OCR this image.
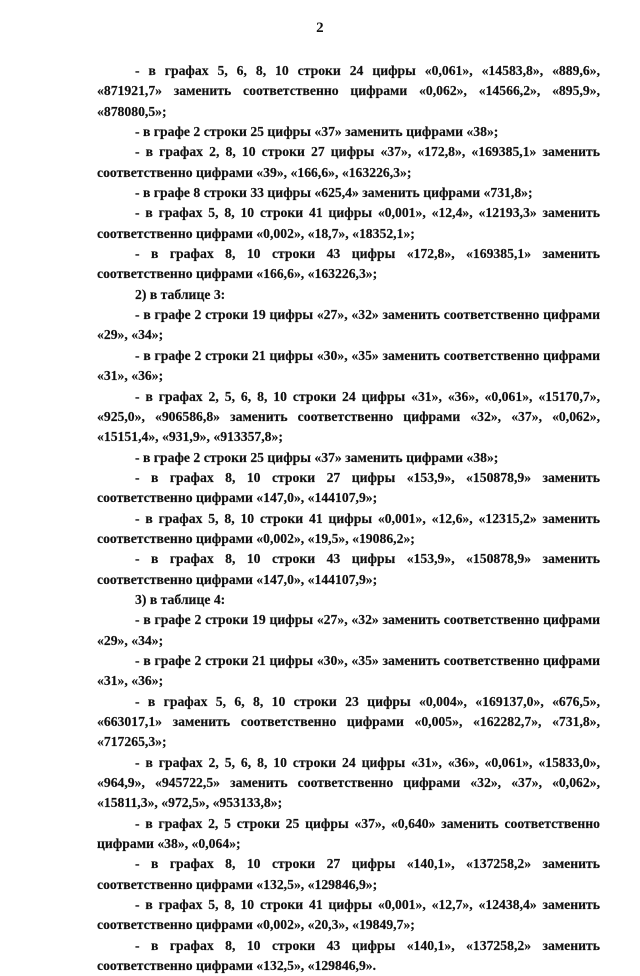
2

- в графах 5, 6, 8, 10 строки 24 цифры «0,061», «14583,8», «889,6», «871921,7» заменить соответственно цифрами «0,062», «14566,2», «895,9», «878080,5»;

- в графе 2 строки 25 цифры «37» заменить цифрами «38»;

- в графах 2, 8, 10 строки 27 цифры «37», «172,8», «169385,1» заменить соответственно цифрами «39», «166,6», «163226,3»;

- в графе 8 строки 33 цифры «625,4» заменить цифрами «731,8»;

- в графах 5, 8, 10 строки 41 цифры «0,001», «12,4», «12193,3» заменить соответственно цифрами «0,002», «18,7», «18352,1»;

- в графах 8, 10 строки 43 цифры «172,8», «169385,1» заменить соответственно цифрами «166,6», «163226,3»;

2) в таблице 3:

- в графе 2 строки 19 цифры «27», «32» заменить соответственно цифрами «29», «34»;

- в графе 2 строки 21 цифры «30», «35» заменить соответственно цифрами «31», «36»;

- в графах 2, 5, 6, 8, 10 строки 24 цифры «31», «36», «0,061», «15170,7», «925,0», «906586,8» заменить соответственно цифрами «32», «37», «0,062», «15151,4», «931,9», «913357,8»;

- в графе 2 строки 25 цифры «37» заменить цифрами «38»;

- в графах 8, 10 строки 27 цифры «153,9», «150878,9» заменить соответственно цифрами «147,0», «144107,9»;

- в графах 5, 8, 10 строки 41 цифры «0,001», «12,6», «12315,2» заменить соответственно цифрами «0,002», «19,5», «19086,2»;

- в графах 8, 10 строки 43 цифры «153,9», «150878,9» заменить соответственно цифрами «147,0», «144107,9»;

3) в таблице 4:

- в графе 2 строки 19 цифры «27», «32» заменить соответственно цифрами «29», «34»;

- в графе 2 строки 21 цифры «30», «35» заменить соответственно цифрами «31», «36»;

- в графах 5, 6, 8, 10 строки 23 цифры «0,004», «169137,0», «676,5», «663017,1» заменить соответственно цифрами «0,005», «162282,7», «731,8», «717265,3»;

- в графах 2, 5, 6, 8, 10 строки 24 цифры «31», «36», «0,061», «15833,0», «964,9», «945722,5» заменить соответственно цифрами «32», «37», «0,062», «15811,3», «972,5», «953133,8»;

- в графах 2, 5 строки 25 цифры «37», «0,640» заменить соответственно цифрами «38», «0,064»;

- в графах 8, 10 строки 27 цифры «140,1», «137258,2» заменить соответственно цифрами «132,5», «129846,9»;

- в графах 5, 8, 10 строки 41 цифры «0,001», «12,7», «12438,4» заменить соответственно цифрами «0,002», «20,3», «19849,7»;

- в графах 8, 10 строки 43 цифры «140,1», «137258,2» заменить соответственно цифрами «132,5», «129846,9».
